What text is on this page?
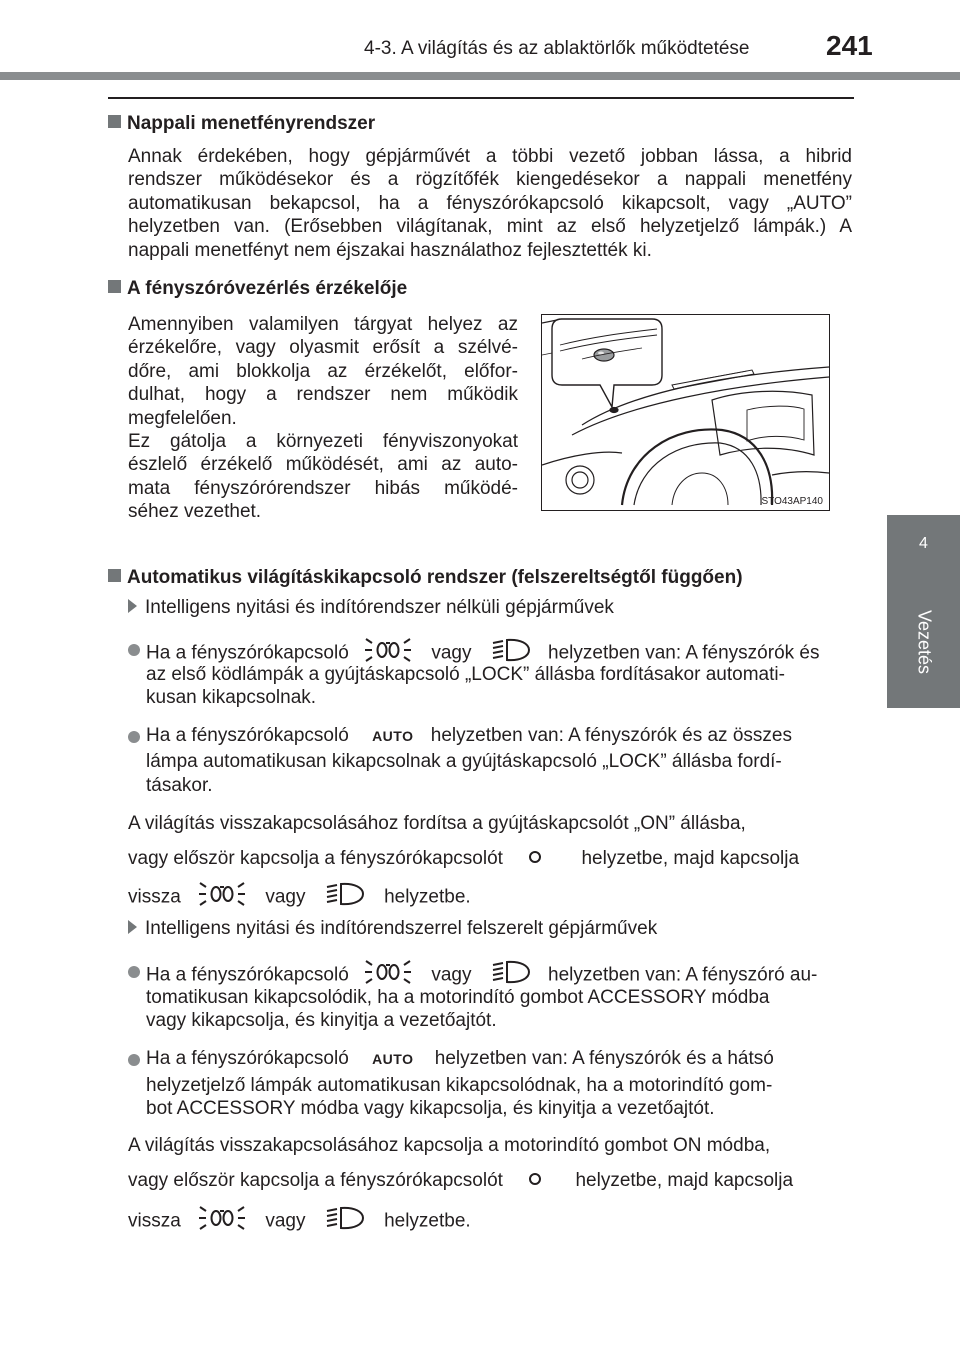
4-3. A világítás és az ablaktörlők működtetése	241
4
Vezetés
Nappali menetfényrendszer
Annak érdekében, hogy gépjárművét a többi vezető jobban lássa, a hibrid
rendszer működésekor és a rögzítőfék kiengedésekor a nappali menetfény
automatikusan bekapcsol, ha a fényszórókapcsoló kikapcsolt, vagy „AUTO”
helyzetben van. (Erősebben világítanak, mint az első helyzetjelző lámpák.) A
nappali menetfényt nem éjszakai használathoz fejlesztették ki.
A fényszóróvezérlés érzékelője
Amennyiben valamilyen tárgyat helyez az
érzékelőre, vagy olyasmit erősít a szélvé-
dőre, ami blokkolja az érzékelőt, előfor-
dulhat, hogy a rendszer nem működik
megfelelően.
Ez gátolja a környezeti fényviszonyokat
észlelő érzékelő működését, ami az auto-
mata fényszórórendszer hibás működé-
séhez vezethet.	STO43AP140
Automatikus világításkikapcsoló rendszer (felszereltségtől függően)
Intelligens nyitási és indítórendszer nélküli gépjárművek
Ha a fényszórókapcsoló	vagy	helyzetben van: A fényszórók és
az első ködlámpák a gyújtáskapcsoló „LOCK” állásba fordításakor automati-
kusan kikapcsolnak.
Ha a fényszórókapcsoló AUTO helyzetben van: A fényszórók és az összes
lámpa automatikusan kikapcsolnak a gyújtáskapcsoló „LOCK” állásba fordí-
tásakor.
A világítás visszakapcsolásához fordítsa a gyújtáskapcsolót „ON” állásba,
vagy először kapcsolja a fényszórókapcsolót	helyzetbe, majd kapcsolja
vissza	vagy	helyzetbe.
Intelligens nyitási és indítórendszerrel felszerelt gépjárművek
Ha a fényszórókapcsoló	vagy	helyzetben van: A fényszóró au-
tomatikusan kikapcsolódik, ha a motorindító gombot ACCESSORY módba
vagy kikapcsolja, és kinyitja a vezetőajtót.
Ha a fényszórókapcsoló AUTO helyzetben van: A fényszórók és a hátsó
helyzetjelző lámpák automatikusan kikapcsolódnak, ha a motorindító gom-
bot ACCESSORY módba vagy kikapcsolja, és kinyitja a vezetőajtót.
A világítás visszakapcsolásához kapcsolja a motorindító gombot ON módba,
vagy először kapcsolja a fényszórókapcsolót	helyzetbe, majd kapcsolja
vissza	vagy	helyzetbe.
